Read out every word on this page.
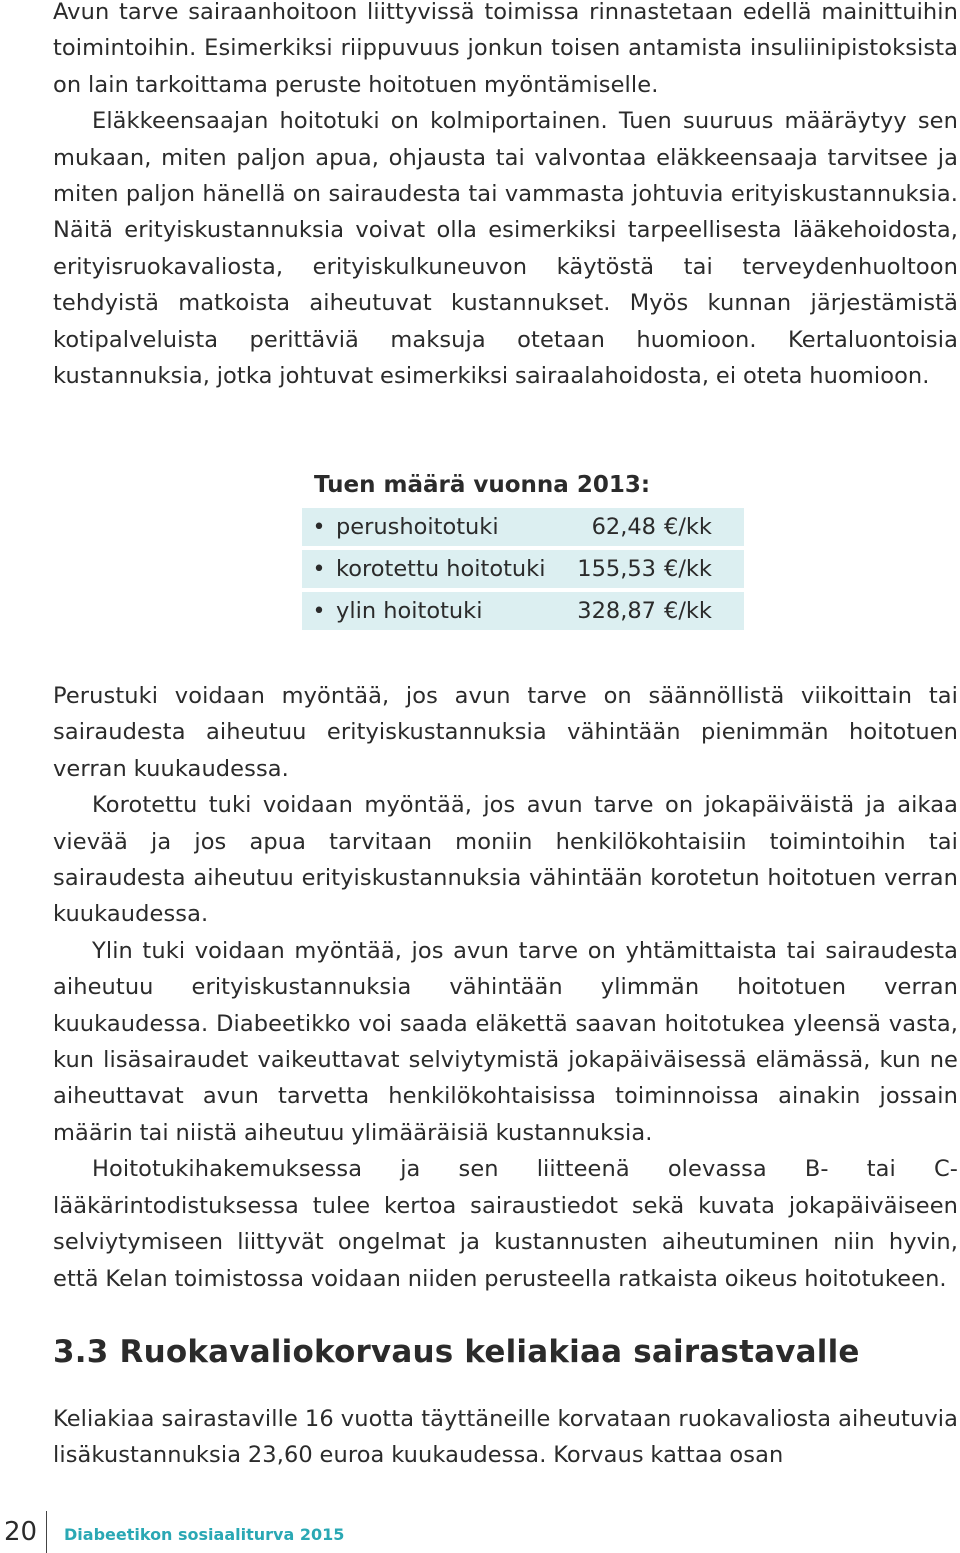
Avun tarve sairaanhoitoon liittyvissä toimissa rinnastetaan edellä mainittuihin toimintoihin. Esimerkiksi riippuvuus jonkun toisen antamista insuliinipistoksista on lain tarkoittama peruste hoitotuen myöntämiselle.

Eläkkeensaajan hoitotuki on kolmiportainen. Tuen suuruus määräytyy sen mukaan, miten paljon apua, ohjausta tai valvontaa eläkkeensaaja tarvitsee ja miten paljon hänellä on sairaudesta tai vammasta johtuvia erityiskustannuksia. Näitä erityiskustannuksia voivat olla esimerkiksi tarpeellisesta lääkehoidosta, erityisruokavaliosta, erityiskulkuneuvon käytöstä tai terveydenhuoltoon tehdyistä matkoista aiheutuvat kustannukset. Myös kunnan järjestämistä kotipalveluista perittäviä maksuja otetaan huomioon. Kertaluontoisia kustannuksia, jotka johtuvat esimerkiksi sairaalahoidosta, ei oteta huomioon.

Tuen määrä vuonna 2013:
• perushoitotuki	62,48 €/kk
• korotettu hoitotuki	155,53 €/kk
• ylin hoitotuki	328,87 €/kk

Perustuki voidaan myöntää, jos avun tarve on säännöllistä viikoittain tai sairaudesta aiheutuu erityiskustannuksia vähintään pienimmän hoitotuen verran kuukaudessa.

Korotettu tuki voidaan myöntää, jos avun tarve on jokapäiväistä ja aikaa vievää ja jos apua tarvitaan moniin henkilökohtaisiin toimintoihin tai sairaudesta aiheutuu erityiskustannuksia vähintään korotetun hoitotuen verran kuukaudessa.

Ylin tuki voidaan myöntää, jos avun tarve on yhtämittaista tai sairaudesta aiheutuu erityiskustannuksia vähintään ylimmän hoitotuen verran kuukaudessa. Diabeetikko voi saada eläkettä saavan hoitotukea yleensä vasta, kun lisäsairaudet vaikeuttavat selviytymistä jokapäiväisessä elämässä, kun ne aiheuttavat avun tarvetta henkilökohtaisissa toiminnoissa ainakin jossain määrin tai niistä aiheutuu ylimääräisiä kustannuksia.

Hoitotukihakemuksessa ja sen liitteenä olevassa B- tai C-lääkärintodistuksessa tulee kertoa sairaustiedot sekä kuvata jokapäiväiseen selviytymiseen liittyvät ongelmat ja kustannusten aiheutuminen niin hyvin, että Kelan toimistossa voidaan niiden perusteella ratkaista oikeus hoitotukeen.

3.3 Ruokavaliokorvaus keliakiaa sairastavalle

Keliakiaa sairastaville 16 vuotta täyttäneille korvataan ruokavaliosta aiheutuvia lisäkustannuksia 23,60 euroa kuukaudessa. Korvaus kattaa osan

20 Diabeetikon sosiaaliturva 2015
